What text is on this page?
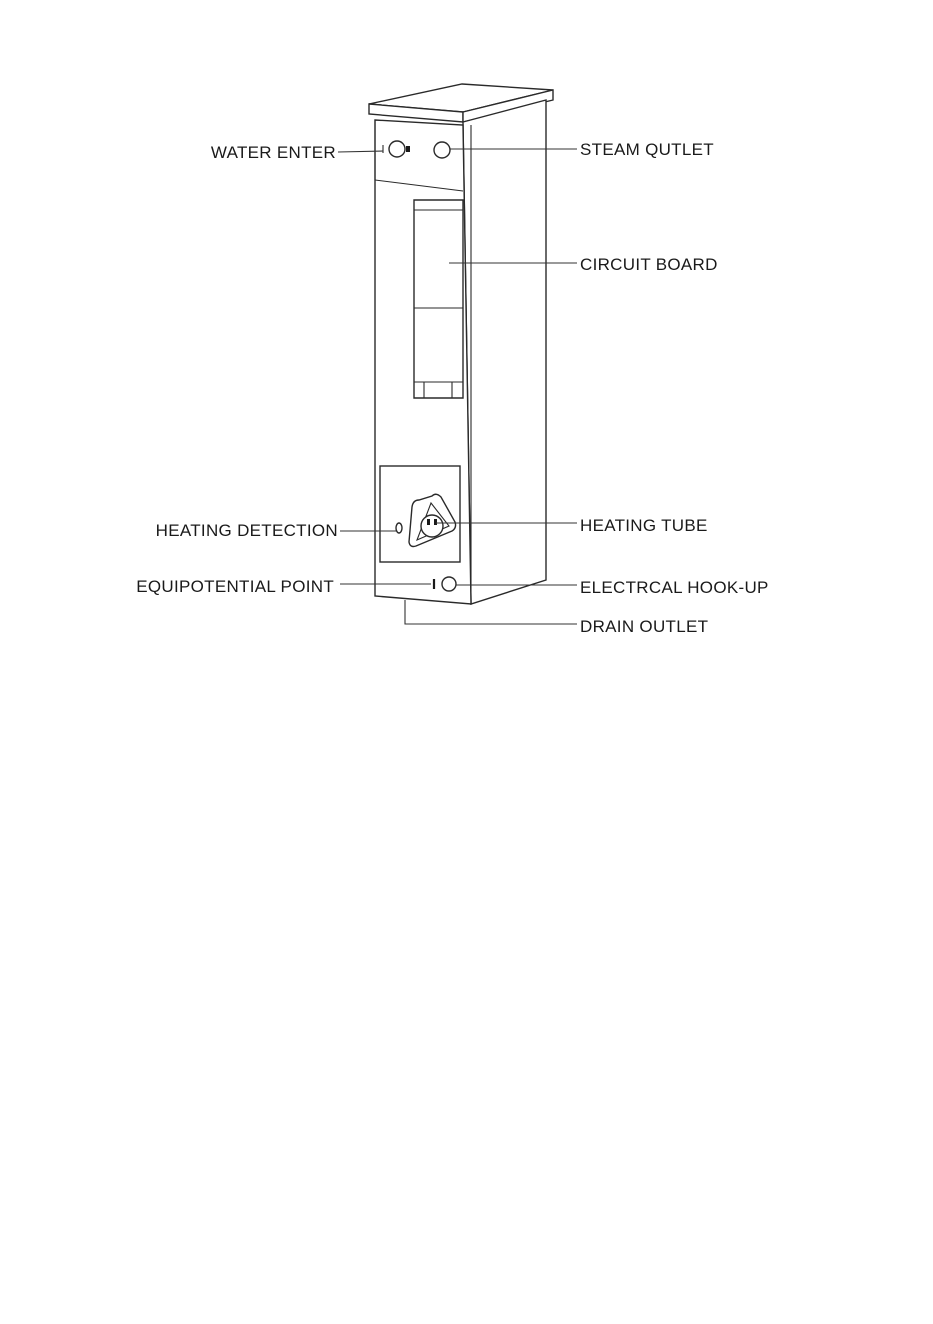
WATER ENTER	STEAM QUTLET
CIRCUIT BOARD
HEATING DETECTION	HEATING TUBE
EQUIPOTENTIAL POINT	ELECTRCAL HOOK-UP
DRAIN OUTLET
